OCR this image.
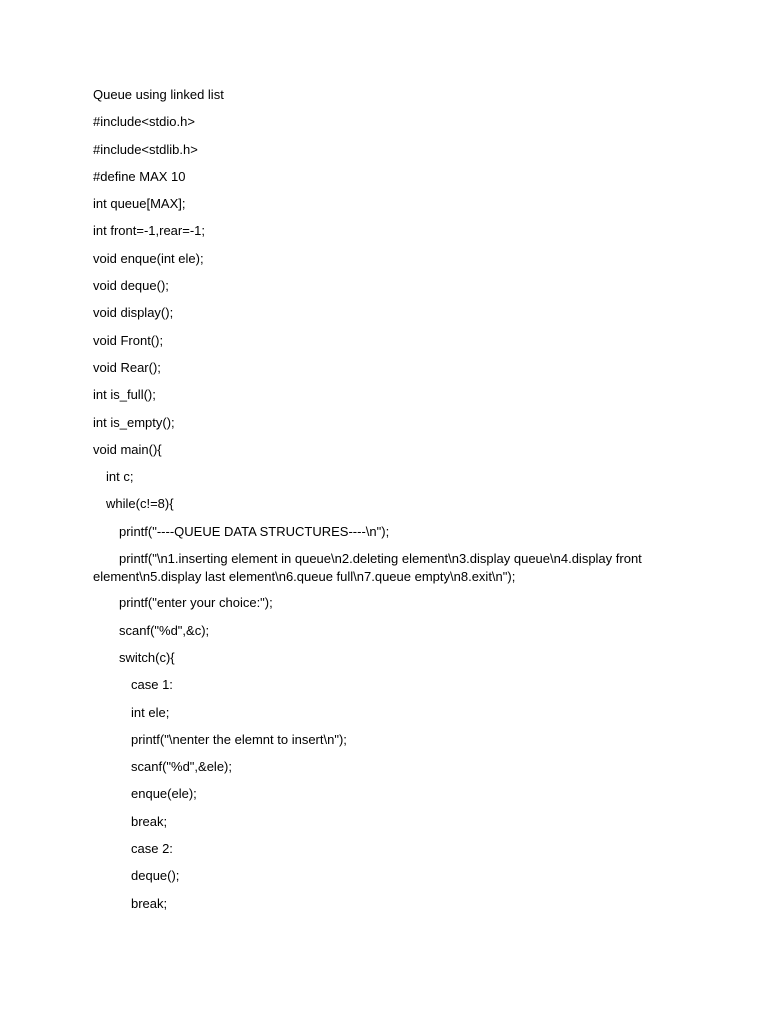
Queue using linked list

#include<stdio.h>

#include<stdlib.h>

#define MAX 10

int queue[MAX];

int front=-1,rear=-1;

void enque(int ele);

void deque();

void display();

void Front();

void Rear();

int is_full();

int is_empty();

void main(){

int c;

while(c!=8){

printf("----QUEUE DATA STRUCTURES----\n");

printf("\n1.inserting element in queue\n2.deleting element\n3.display queue\n4.display front element\n5.display last element\n6.queue full\n7.queue empty\n8.exit\n");

printf("enter your choice:");

scanf("%d",&c);

switch(c){

case 1:

int ele;

printf("\nenter the elemnt to insert\n");

scanf("%d",&ele);

enque(ele);

break;

case 2:

deque();

break;
